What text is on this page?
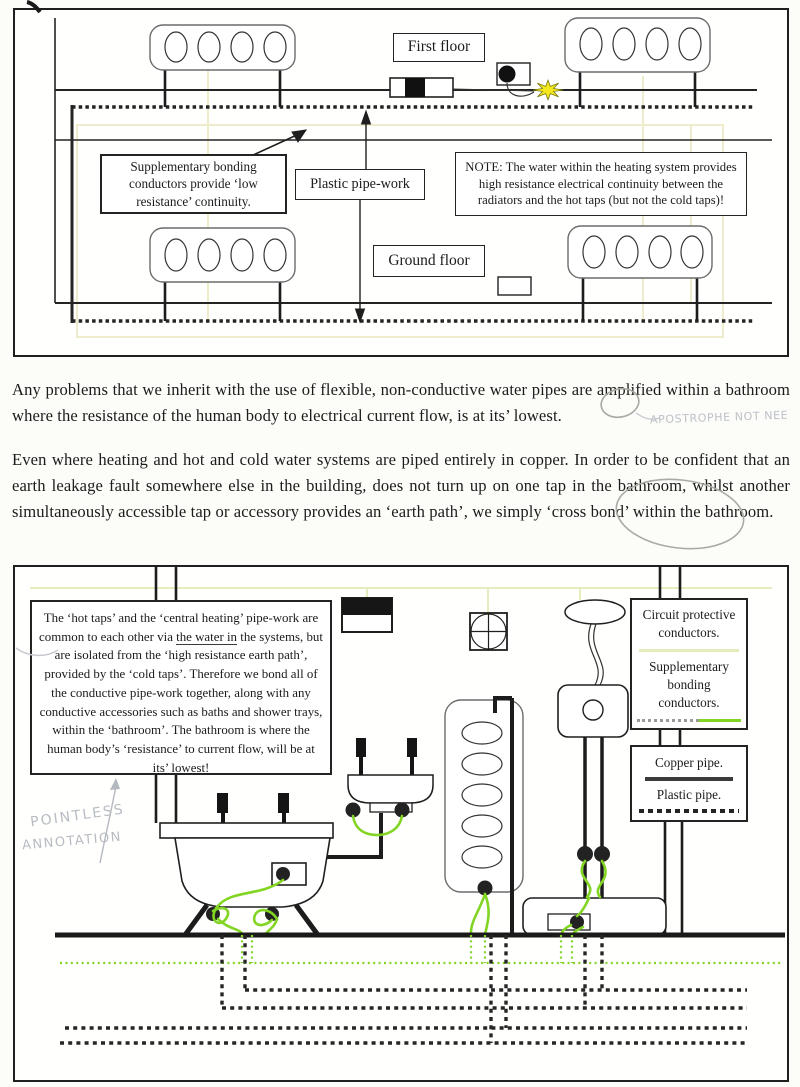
First floor
Ground floor
Supplementary bonding conductors provide ‘low resistance’ continuity.
Plastic pipe-work
NOTE: The water within the heating system provides high resistance electrical continuity between the radiators and the hot taps (but not the cold taps)!

Any problems that we inherit with the use of flexible, non-conductive water pipes are amplified within a bathroom where the resistance of the human body to electrical current flow, is at its’ lowest.

Even where heating and hot and cold water systems are piped entirely in copper. In order to be confident that an earth leakage fault somewhere else in the building, does not turn up on one tap in the bathroom, whilst another simultaneously accessible tap or accessory provides an ‘earth path’, we simply ‘cross bond’ within the bathroom.

The ‘hot taps’ and the ‘central heating’ pipe-work are common to each other via the water in the systems, but are isolated from the ‘high resistance earth path’, provided by the ‘cold taps’. Therefore we bond all of the conductive pipe-work together, along with any conductive accessories such as baths and shower trays, within the ‘bathroom’. The bathroom is where the human body’s ‘resistance’ to current flow, will be at its’ lowest!
Circuit protective conductors.
Supplementary bonding conductors.
Copper pipe.
Plastic pipe.
APOSTROPHE NOT NEE
POINTLESS
ANNOTATION
